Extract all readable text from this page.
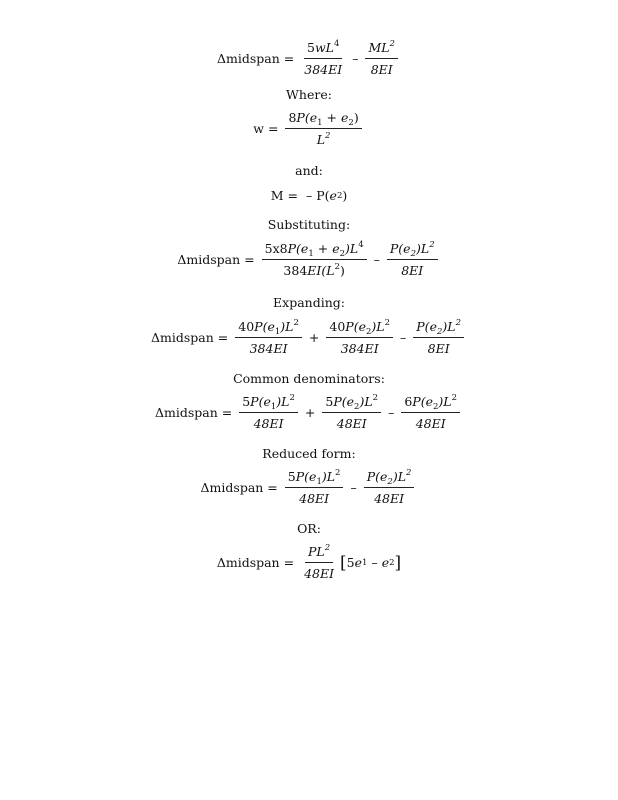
Δmidspan = $\frac{5wL^4}{384EI} - \frac{ML^2}{8EI}$
Where:
$w = \frac{8P(e_1 + e_2)}{L^2}$
and:
M = – P( e 2 )
Substituting:
Δmidspan = $\frac{5x8P(e_1 + e_2)L^4}{384EI(L^2)} - \frac{P(e_2)L^2}{8EI}$
Expanding:
Δmidspan = $\frac{40P(e_1)L^2}{384EI} + \frac{40P(e_2)L^2}{384EI} - \frac{P(e_2)L^2}{8EI}$
Common denominators:
Δmidspan = $\frac{5P(e_1)L^2}{48EI} + \frac{5P(e_2)L^2}{48EI} - \frac{6P(e_2)L^2}{48EI}$
Reduced form:
Δmidspan = $\frac{5P(e_1)L^2}{48EI} - \frac{P(e_2)L^2}{48EI}$
OR:
Δmidspan = $\frac{PL^2}{48EI}$ [ 5 e 1 – e 2 ]
